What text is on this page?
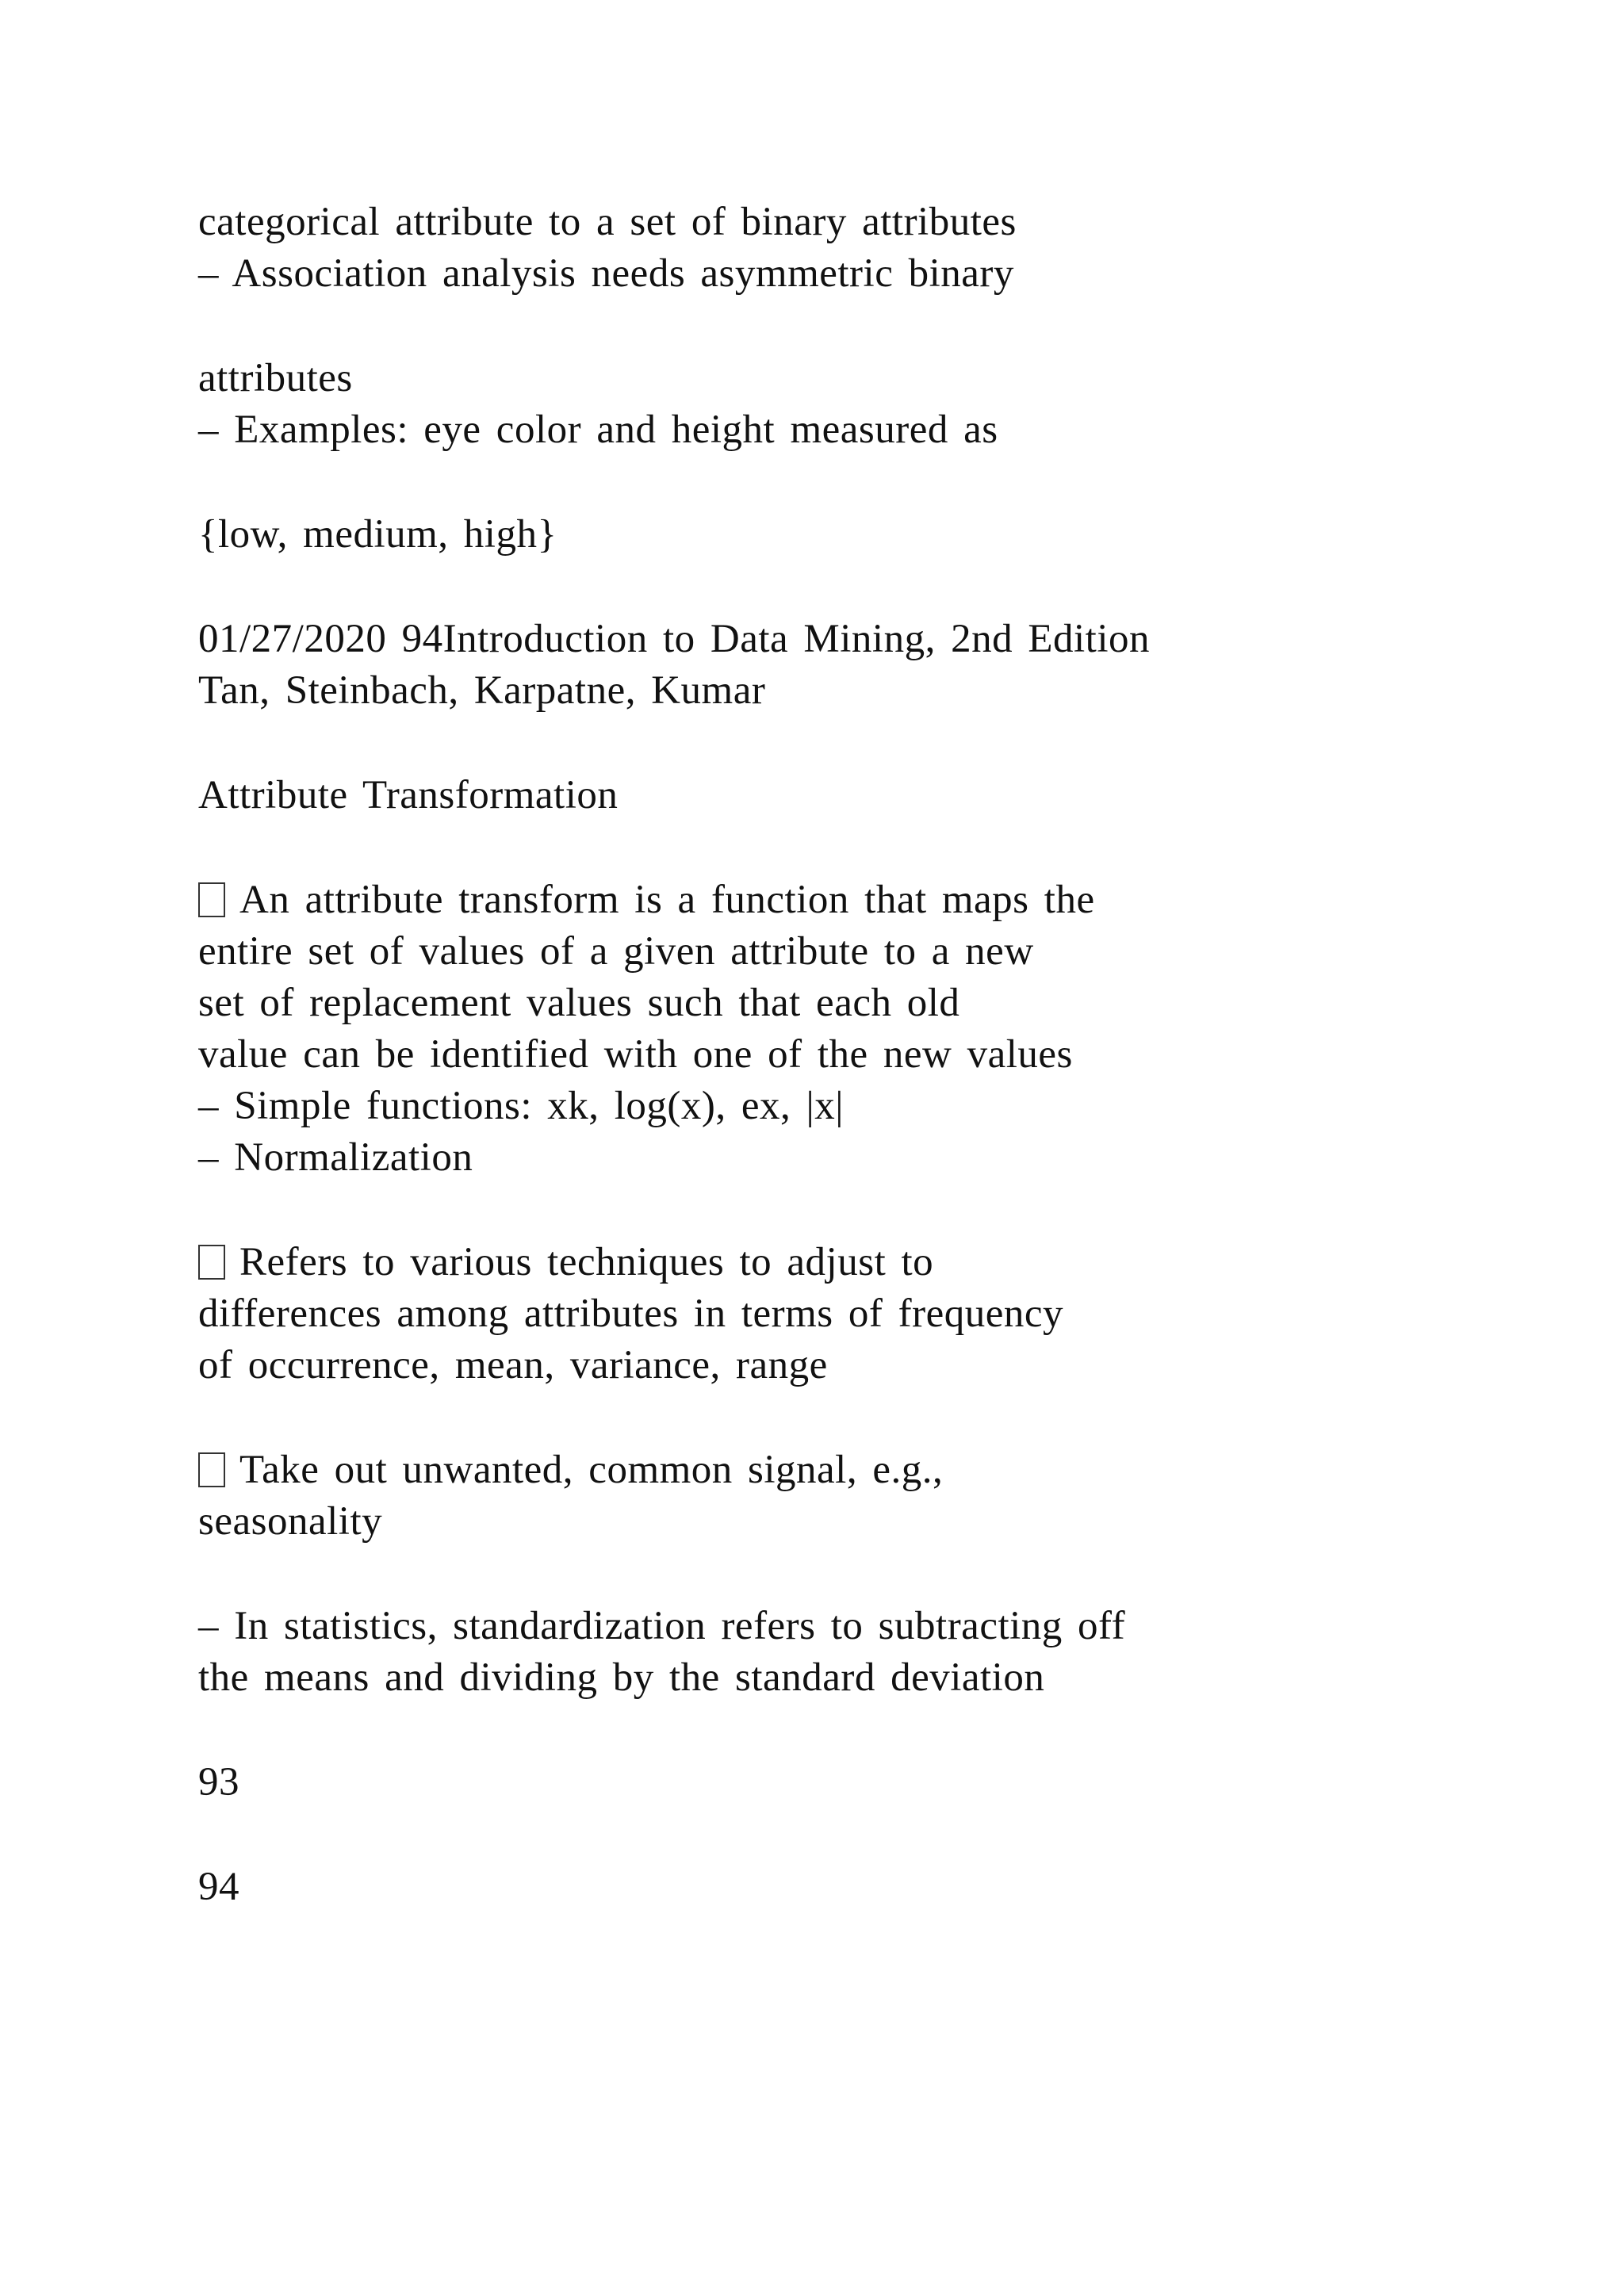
categorical attribute to a set of binary attributes
– Association analysis needs asymmetric binary
attributes
– Examples: eye color and height measured as
{low, medium, high}
01/27/2020 94Introduction to Data Mining, 2nd Edition
Tan, Steinbach, Karpatne, Kumar
Attribute Transformation
An attribute transform is a function that maps the
entire set of values of a given attribute to a new
set of replacement values such that each old
value can be identified with one of the new values
– Simple functions: xk, log(x), ex, |x|
– Normalization
Refers to various techniques to adjust to
differences among attributes in terms of frequency
of occurrence, mean, variance, range
Take out unwanted, common signal, e.g.,
seasonality
– In statistics, standardization refers to subtracting off
the means and dividing by the standard deviation
93
94
